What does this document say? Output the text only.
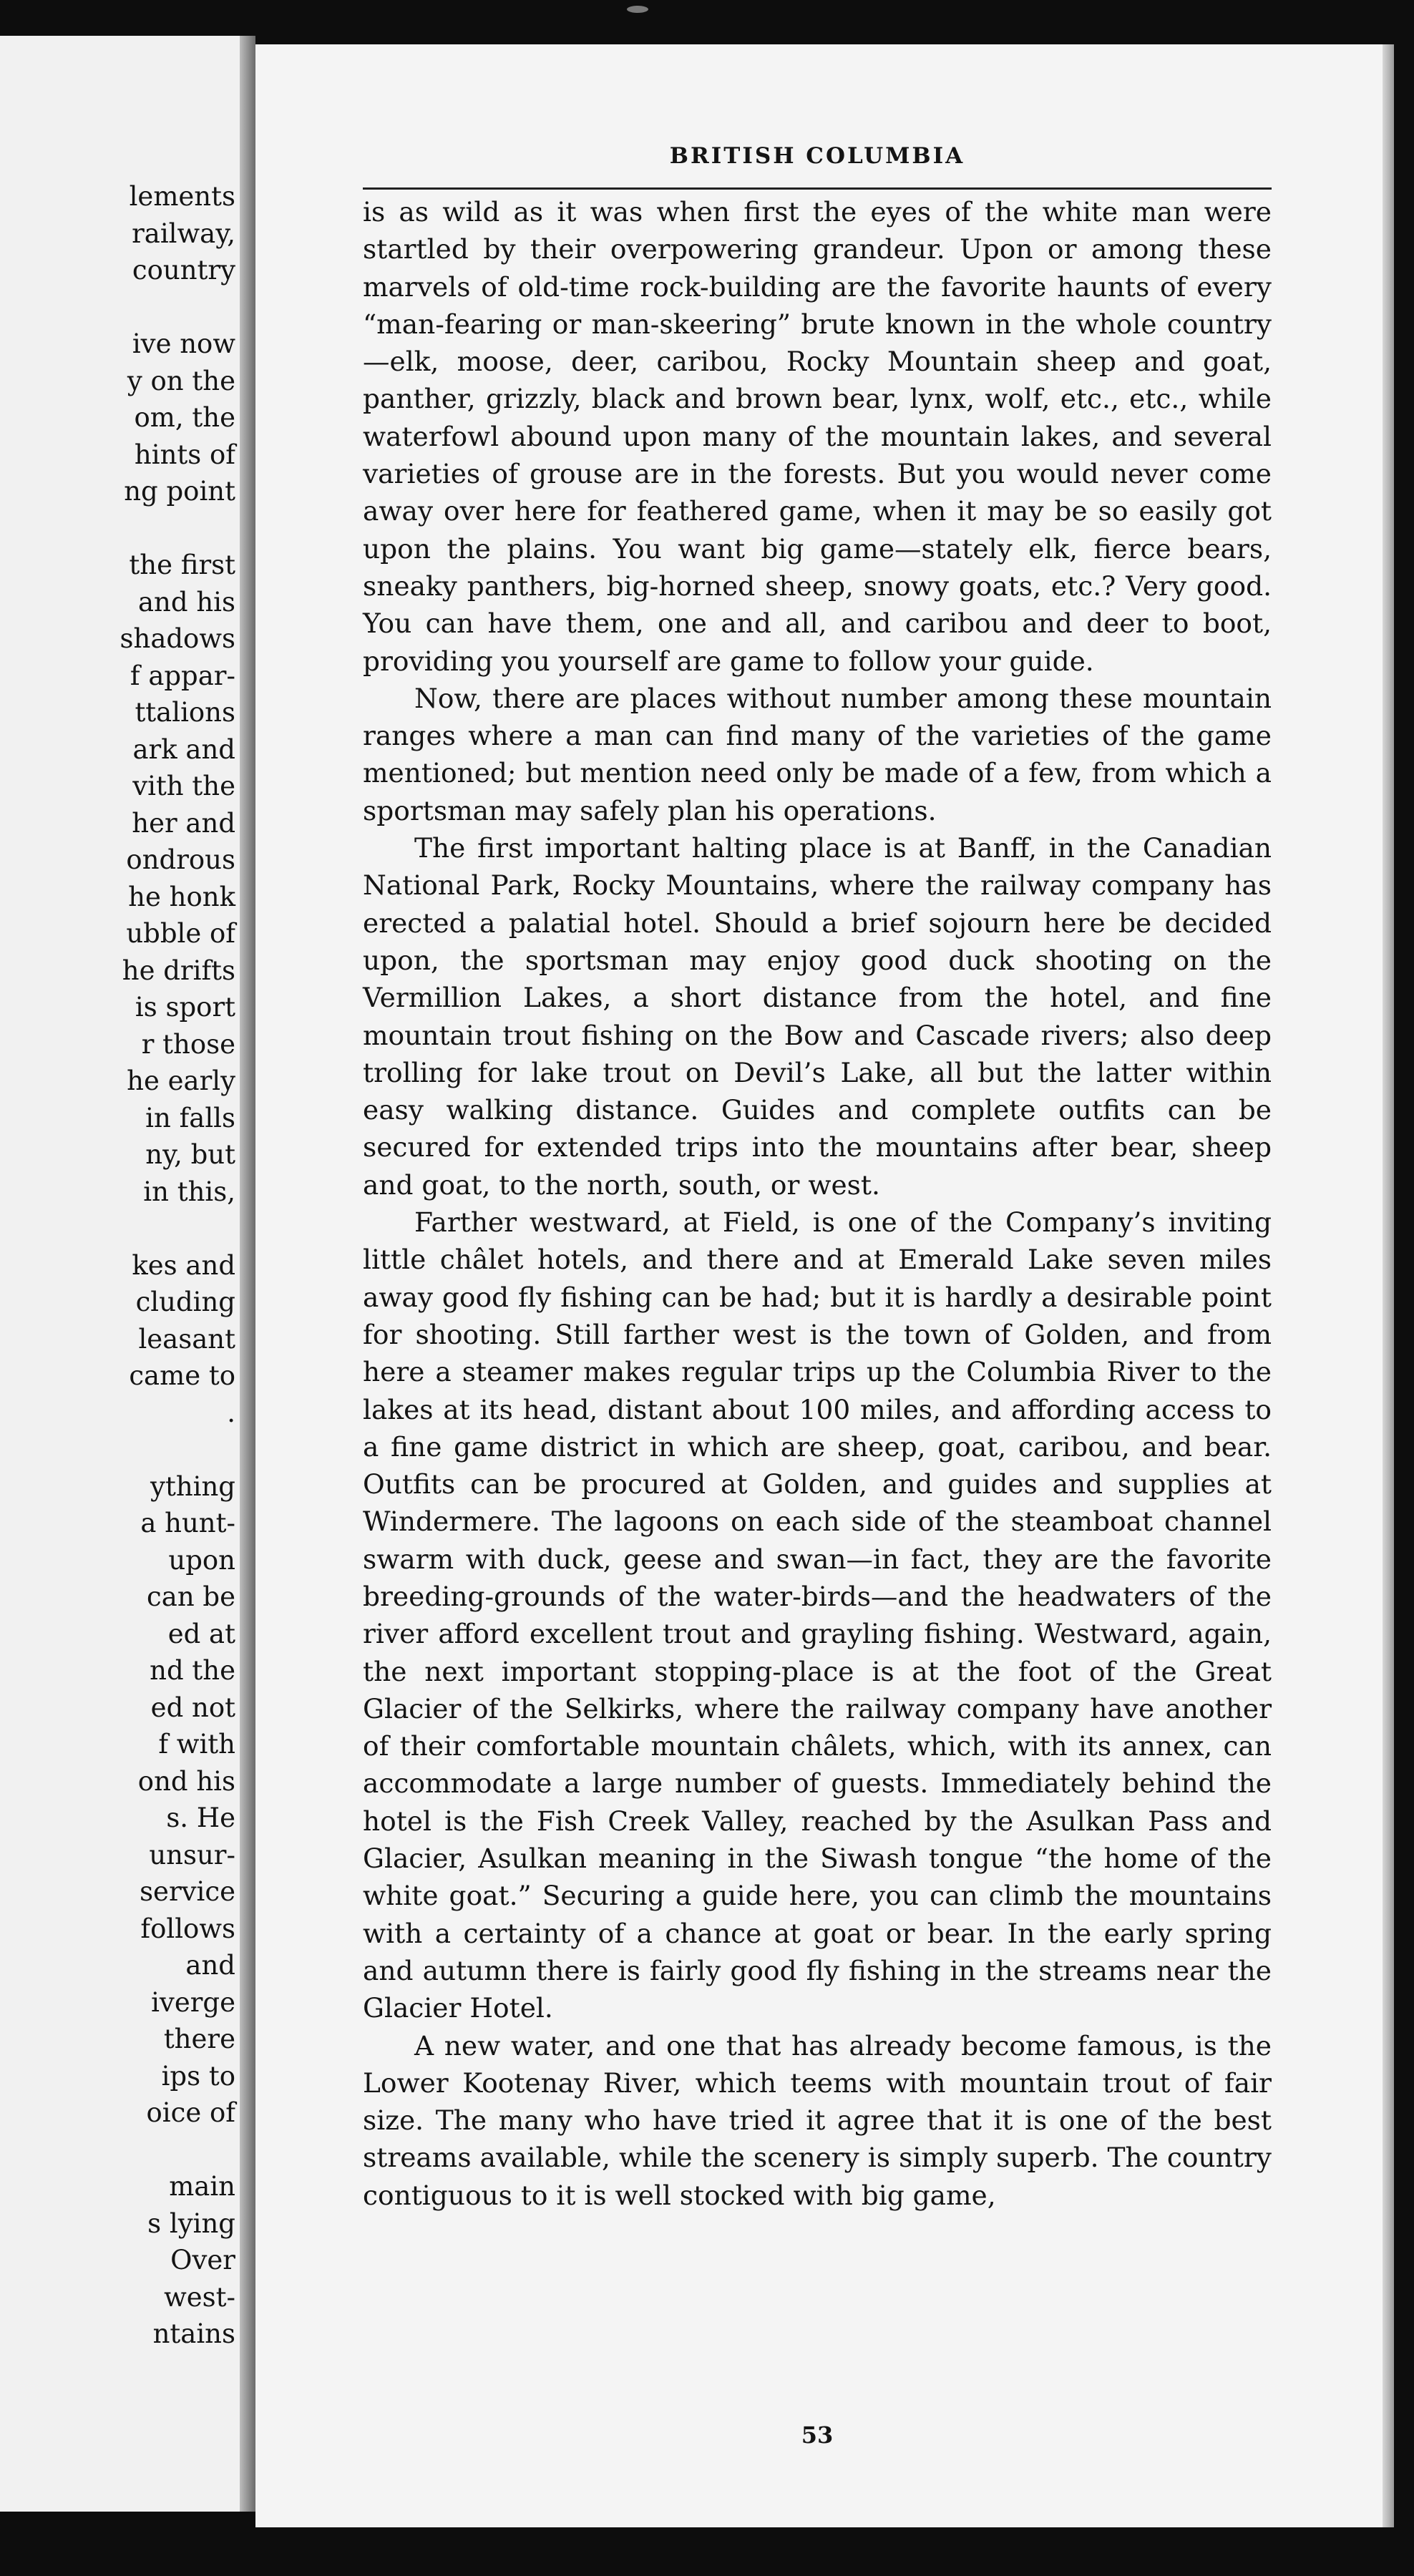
lements
railway,
country
ive now
y on the
om, the
hints of
ng point
the first
and his
shadows
f appar-
ttalions
ark and
vith the
her and
ondrous
he honk
ubble of
he drifts
is sport
r those
he early
in falls
ny, but
in this,
kes and
cluding
leasant
came to
.
ything
a hunt-
upon
can be
ed at
nd the
ed not
f with
ond his
s. He
unsur-
service
follows
and
iverge
there
ips to
oice of
main
s lying
Over
west-
ntains
BRITISH COLUMBIA

is as wild as it was when first the eyes of the white man were startled by their overpowering grandeur. Upon or among these marvels of old-time rock-building are the favorite haunts of every “man-fearing or man-skeering” brute known in the whole country—elk, moose, deer, caribou, Rocky Mountain sheep and goat, panther, grizzly, black and brown bear, lynx, wolf, etc., etc., while waterfowl abound upon many of the mountain lakes, and several varieties of grouse are in the forests. But you would never come away over here for feathered game, when it may be so easily got upon the plains. You want big game—stately elk, fierce bears, sneaky panthers, big-horned sheep, snowy goats, etc.? Very good. You can have them, one and all, and caribou and deer to boot, providing you yourself are game to follow your guide.

Now, there are places without number among these mountain ranges where a man can find many of the varieties of the game mentioned; but mention need only be made of a few, from which a sportsman may safely plan his operations.

The first important halting place is at Banff, in the Canadian National Park, Rocky Mountains, where the railway company has erected a palatial hotel. Should a brief sojourn here be decided upon, the sportsman may enjoy good duck shooting on the Vermillion Lakes, a short distance from the hotel, and fine mountain trout fishing on the Bow and Cascade rivers; also deep trolling for lake trout on Devil’s Lake, all but the latter within easy walking distance. Guides and complete outfits can be secured for extended trips into the mountains after bear, sheep and goat, to the north, south, or west.

Farther westward, at Field, is one of the Company’s inviting little châlet hotels, and there and at Emerald Lake seven miles away good fly fishing can be had; but it is hardly a desirable point for shooting. Still farther west is the town of Golden, and from here a steamer makes regular trips up the Columbia River to the lakes at its head, distant about 100 miles, and affording access to a fine game district in which are sheep, goat, caribou, and bear. Outfits can be procured at Golden, and guides and supplies at Windermere. The lagoons on each side of the steamboat channel swarm with duck, geese and swan—in fact, they are the favorite breeding-grounds of the water-birds—and the headwaters of the river afford excellent trout and grayling fishing. Westward, again, the next important stopping-place is at the foot of the Great Glacier of the Selkirks, where the railway company have another of their comfortable mountain châlets, which, with its annex, can accommodate a large number of guests. Immediately behind the hotel is the Fish Creek Valley, reached by the Asulkan Pass and Glacier, Asulkan meaning in the Siwash tongue “the home of the white goat.” Securing a guide here, you can climb the mountains with a certainty of a chance at goat or bear. In the early spring and autumn there is fairly good fly fishing in the streams near the Glacier Hotel.

A new water, and one that has already become famous, is the Lower Kootenay River, which teems with mountain trout of fair size. The many who have tried it agree that it is one of the best streams available, while the scenery is simply superb. The country contiguous to it is well stocked with big game,

53
